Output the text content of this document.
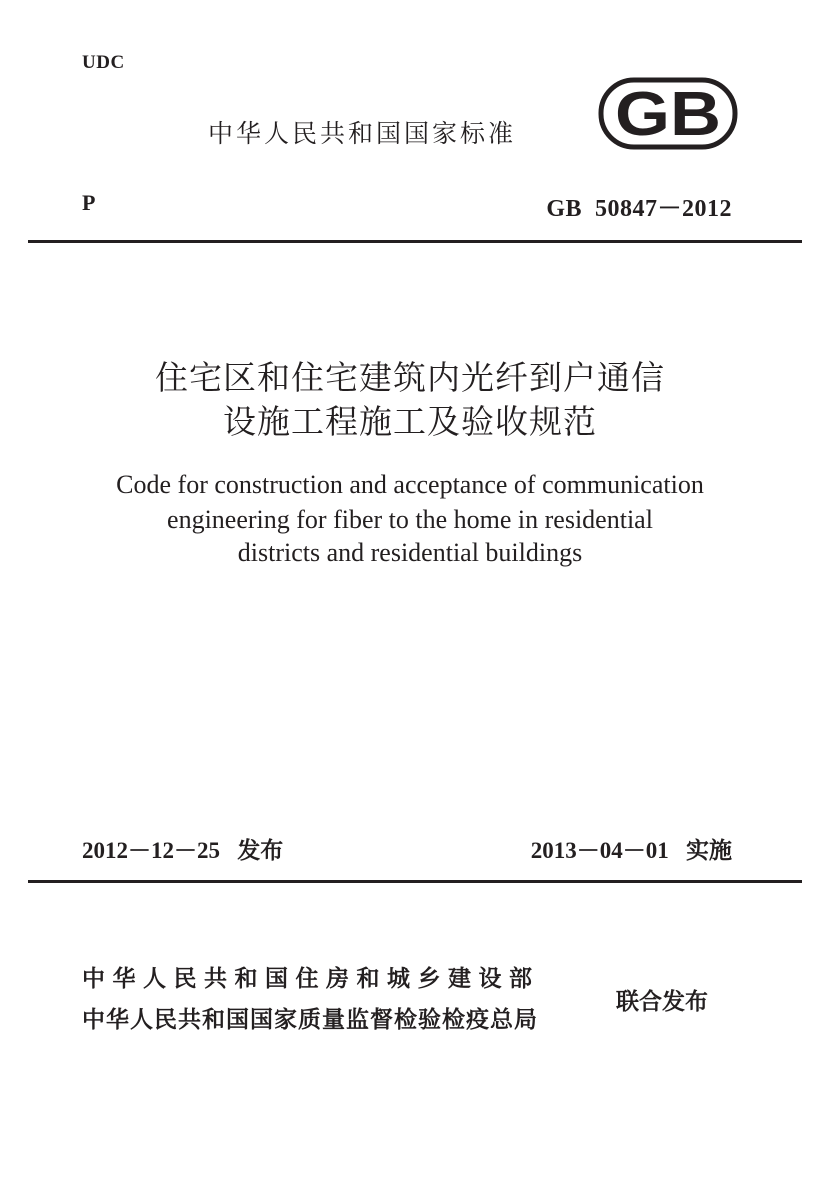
UDC
中华人民共和国国家标准 GB
P	GB  50847－2012
住宅区和住宅建筑内光纤到户通信
设施工程施工及验收规范
Code for construction and acceptance of communication
engineering for fiber to the home in residential
districts and residential buildings
2012－12－25 发布	2013－04－01 实施
中华人民共和国住房和城乡建设部
中华人民共和国国家质量监督检验检疫总局
联合发布
